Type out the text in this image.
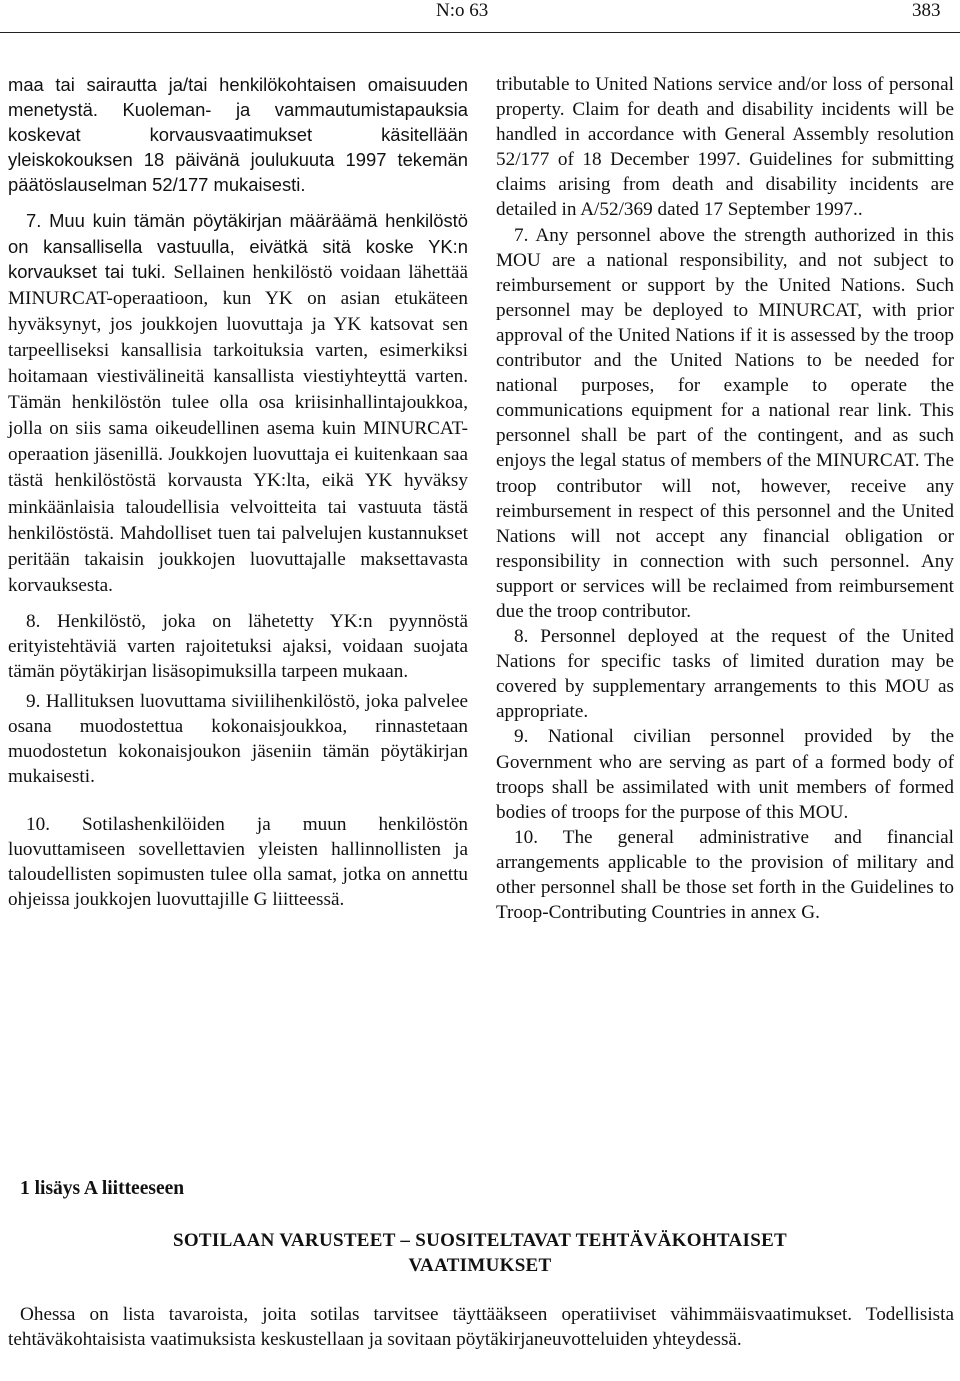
N:o 63	383

maa tai sairautta ja/tai henkilökohtaisen omaisuuden menetystä. Kuoleman- ja vammautumistapauksia koskevat korvausvaatimukset käsitellään yleiskokouksen 18 päivänä joulukuuta 1997 tekemän päätöslauselman 52/177 mukaisesti.

7. Muu kuin tämän pöytäkirjan määräämä henkilöstö on kansallisella vastuulla, eivätkä sitä koske YK:n korvaukset tai tuki. Sellainen henkilöstö voidaan lähettää MINURCAT-operaatioon, kun YK on asian etukäteen hyväksynyt, jos joukkojen luovuttaja ja YK katsovat sen tarpeelliseksi kansallisia tarkoituksia varten, esimerkiksi hoitamaan viestivälineitä kansallista viestiyhteyttä varten. Tämän henkilöstön tulee olla osa kriisinhallintajoukkoa, jolla on siis sama oikeudellinen asema kuin MINURCAT-operaation jäsenillä. Joukkojen luovuttaja ei kuitenkaan saa tästä henkilöstöstä korvausta YK:lta, eikä YK hyväksy minkäänlaisia taloudellisia velvoitteita tai vastuuta tästä henkilöstöstä. Mahdolliset tuen tai palvelujen kustannukset peritään takaisin joukkojen luovuttajalle maksettavasta korvauksesta.

8. Henkilöstö, joka on lähetetty YK:n pyynnöstä erityistehtäviä varten rajoitetuksi ajaksi, voidaan suojata tämän pöytäkirjan lisäsopimuksilla tarpeen mukaan.

9. Hallituksen luovuttama siviilihenkilöstö, joka palvelee osana muodostettua kokonaisjoukkoa, rinnastetaan muodostetun kokonaisjoukon jäseniin tämän pöytäkirjan mukaisesti.

10. Sotilashenkilöiden ja muun henkilöstön luovuttamiseen sovellettavien yleisten hallinnollisten ja taloudellisten sopimusten tulee olla samat, jotka on annettu ohjeissa joukkojen luovuttajille G liitteessä.

tributable to United Nations service and/or loss of personal property. Claim for death and disability incidents will be handled in accordance with General Assembly resolution 52/177 of 18 December 1997. Guidelines for submitting claims arising from death and disability incidents are detailed in A/52/369 dated 17 September 1997..

7. Any personnel above the strength authorized in this MOU are a national responsibility, and not subject to reimbursement or support by the United Nations. Such personnel may be deployed to MINURCAT, with prior approval of the United Nations if it is assessed by the troop contributor and the United Nations to be needed for national purposes, for example to operate the communications equipment for a national rear link. This personnel shall be part of the contingent, and as such enjoys the legal status of members of the MINURCAT. The troop contributor will not, however, receive any reimbursement in respect of this personnel and the United Nations will not accept any financial obligation or responsibility in connection with such personnel. Any support or services will be reclaimed from reimbursement due the troop contributor.

8. Personnel deployed at the request of the United Nations for specific tasks of limited duration may be covered by supplementary arrangements to this MOU as appropriate.

9. National civilian personnel provided by the Government who are serving as part of a formed body of troops shall be assimilated with unit members of formed bodies of troops for the purpose of this MOU.

10. The general administrative and financial arrangements applicable to the provision of military and other personnel shall be those set forth in the Guidelines to Troop-Contributing Countries in annex G.

1 lisäys A liitteeseen
SOTILAAN VARUSTEET – SUOSITELTAVAT TEHTÄVÄKOHTAISET
VAATIMUKSET

Ohessa on lista tavaroista, joita sotilas tarvitsee täyttääkseen operatiiviset vähimmäisvaatimukset. Todellisista tehtäväkohtaisista vaatimuksista keskustellaan ja sovitaan pöytäkirjaneuvotteluiden yhteydessä.
